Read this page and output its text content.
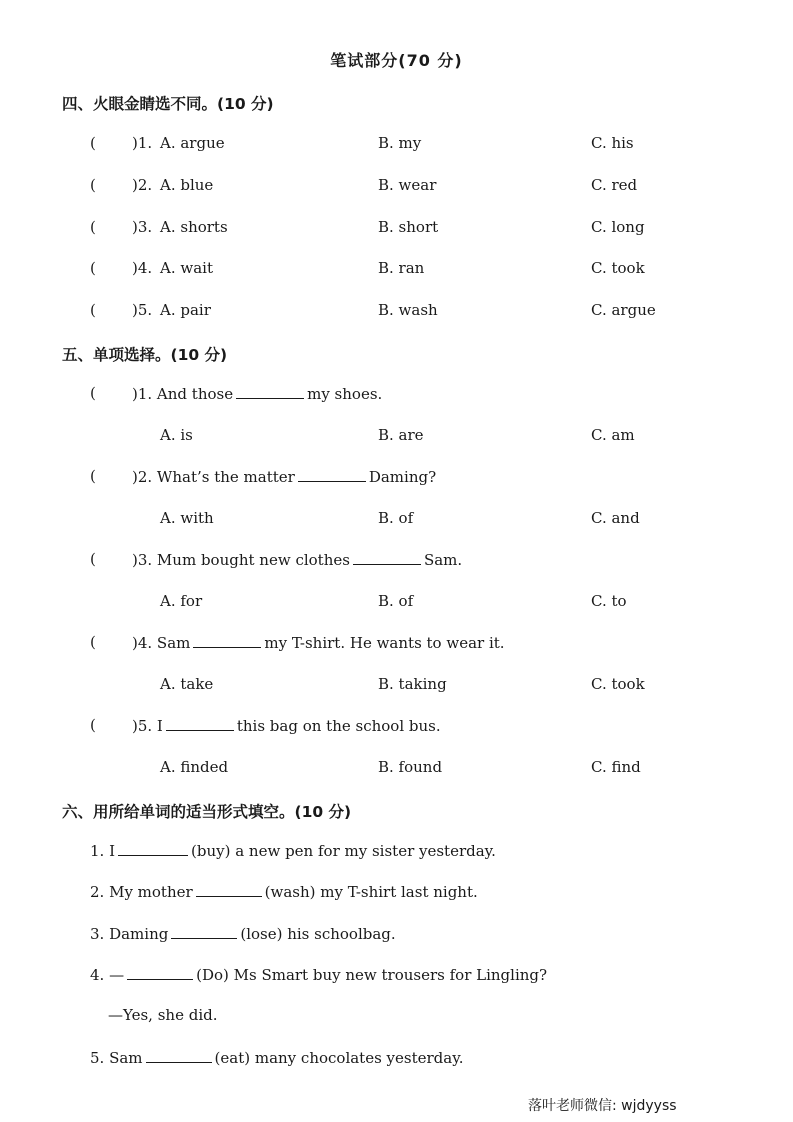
笔试部分(70 分)
四、火眼金睛选不同。(10 分)
( )1. A. argue	B. my	C. his
( )2. A. blue	B. wear	C. red
( )3. A. shorts	B. short	C. long
( )4. A. wait	B. ran	C. took
( )5. A. pair	B. wash	C. argue
五、单项选择。(10 分)
( )1. And those	my shoes.
A. is	B. are	C. am
( )2. What’s the matter	Daming?
A. with	B. of	C. and
( )3. Mum bought new clothes	Sam.
A. for	B. of	C. to
( )4. Sam	my T-shirt. He wants to wear it.
A. take	B. taking	C. took
( )5. I	this bag on the school bus.
A. finded	B. found	C. find
六、用所给单词的适当形式填空。(10 分)
1. I	(buy) a new pen for my sister yesterday.
2. My mother	(wash) my T-shirt last night.
3. Daming	(lose) his schoolbag.
4. —	(Do) Ms Smart buy new trousers for Lingling?
—Yes, she did.
5. Sam	(eat) many chocolates yesterday.
落叶老师微信: wjdyyss
